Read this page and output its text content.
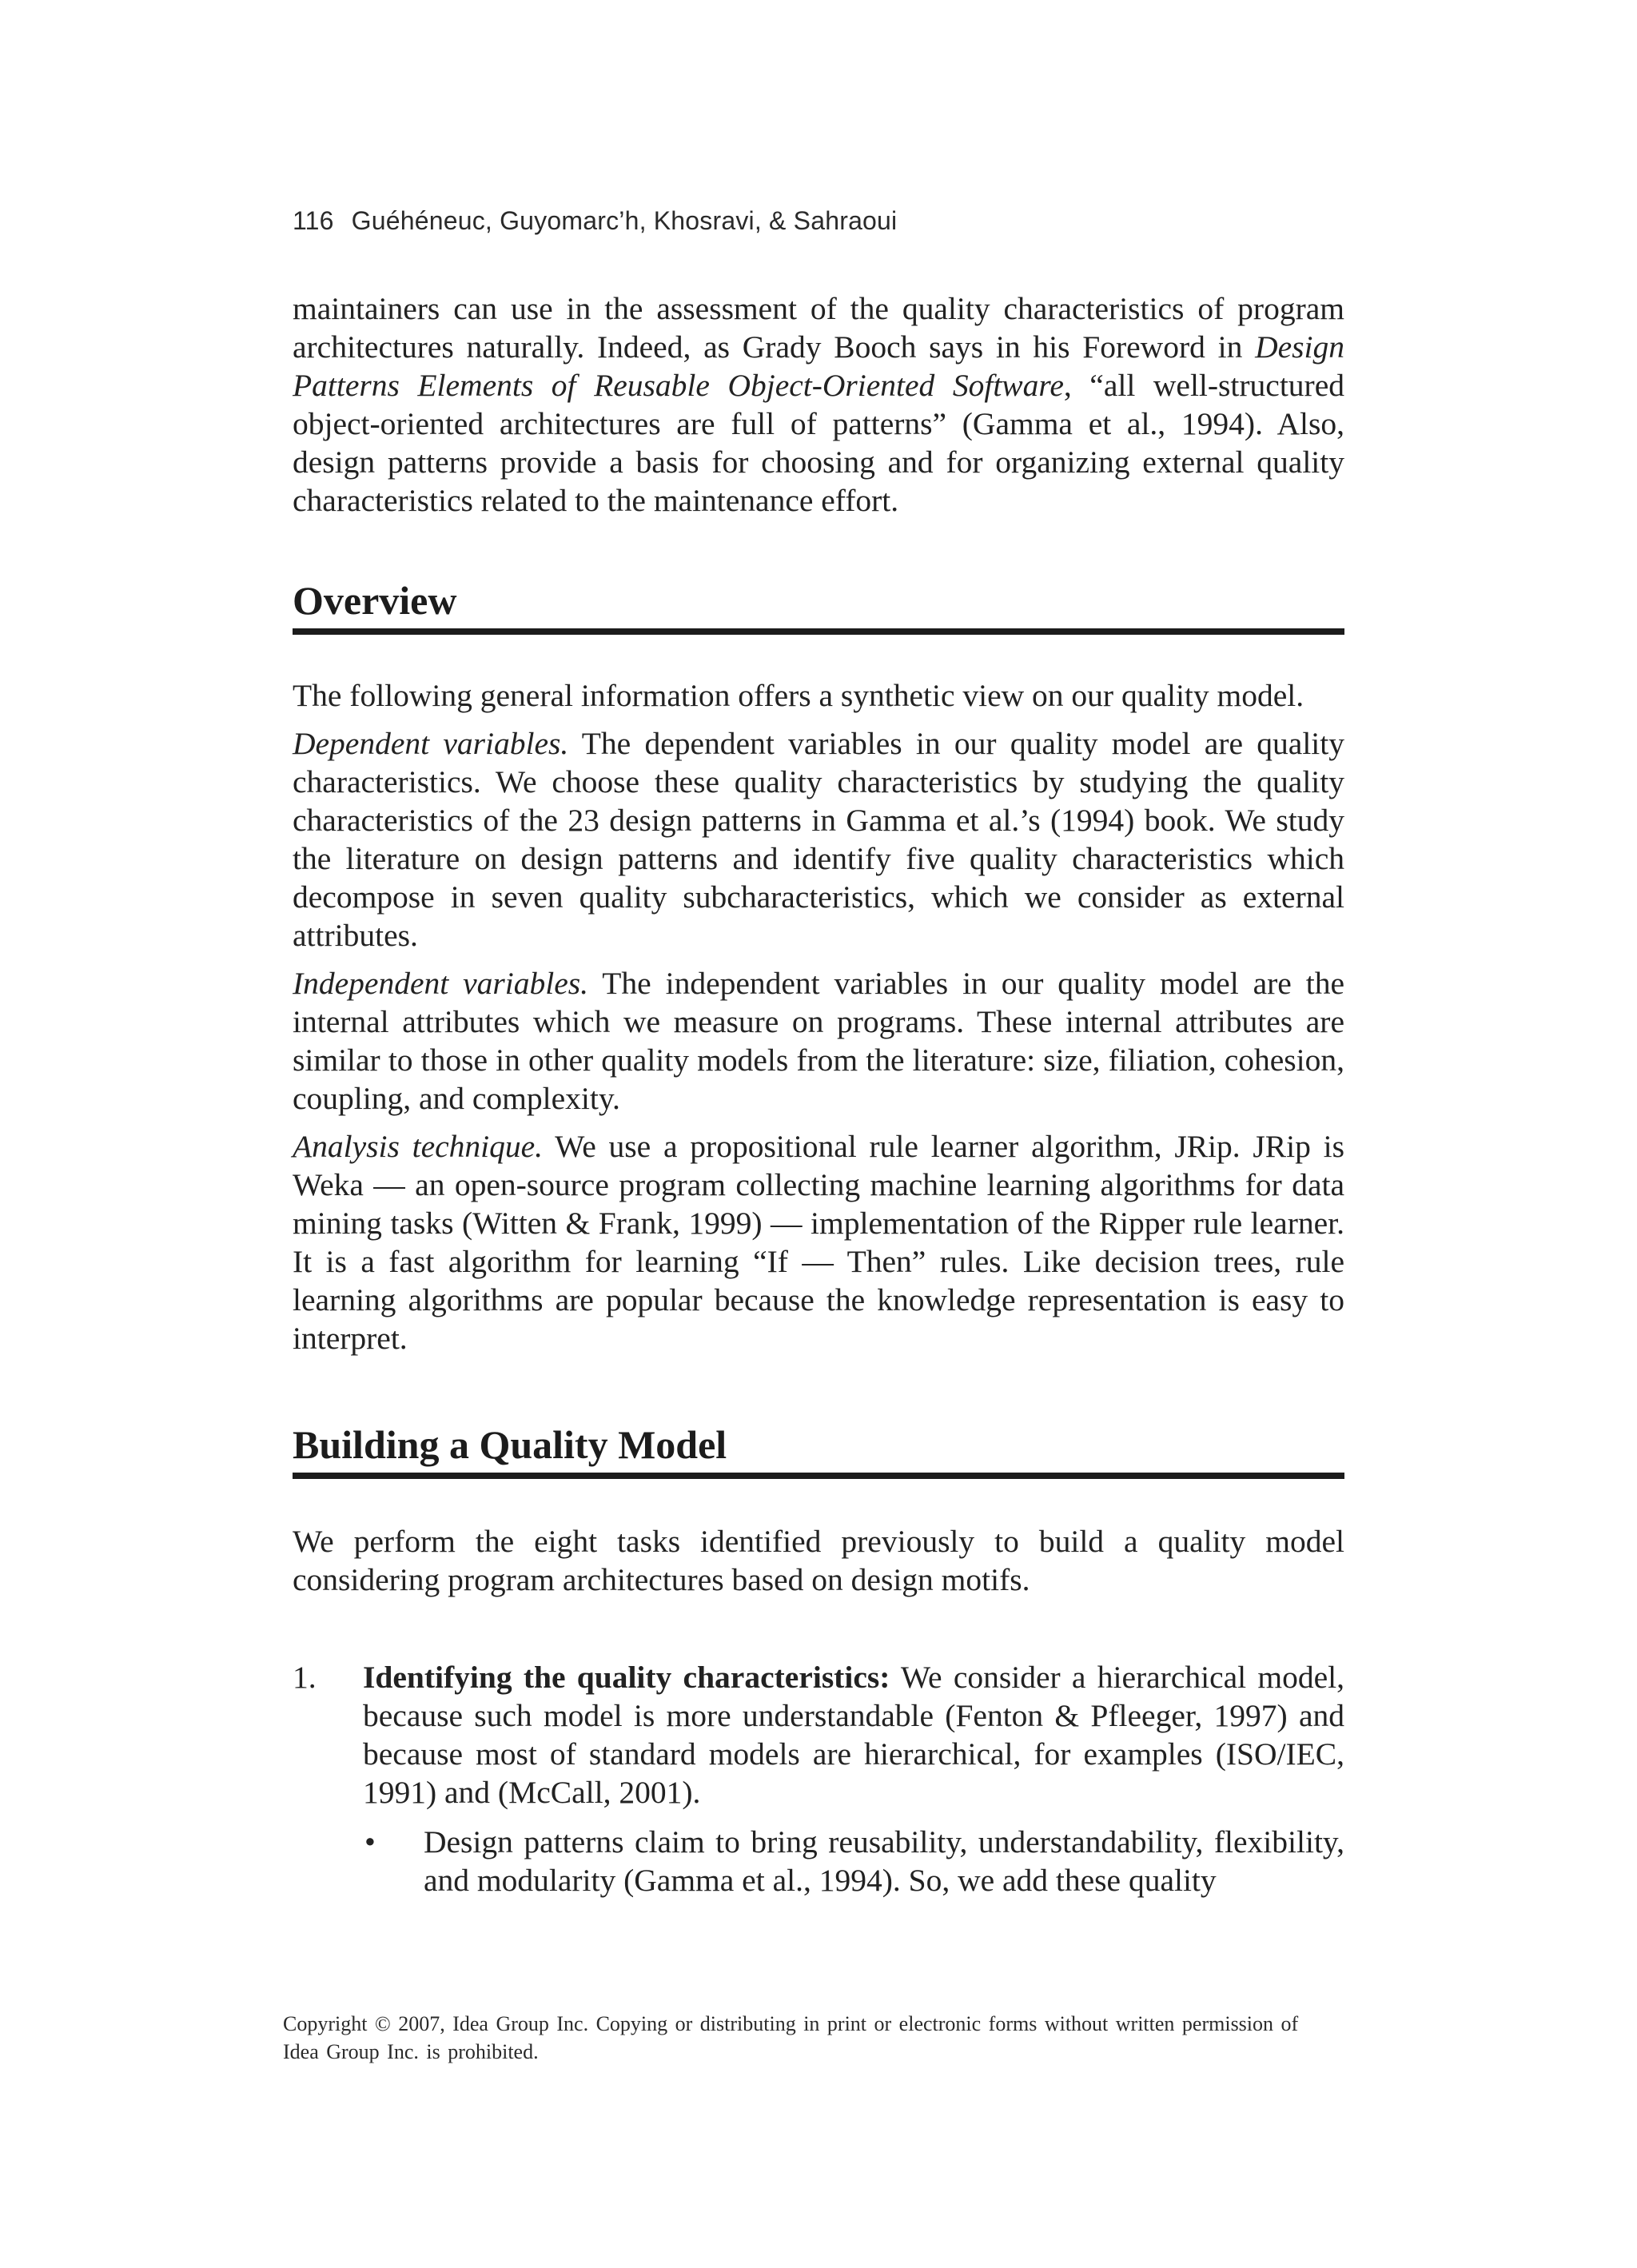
116 Guéhéneuc, Guyomarc’h, Khosravi, & Sahraoui

maintainers can use in the assessment of the quality characteristics of program architectures naturally. Indeed, as Grady Booch says in his Foreword in Design Patterns Elements of Reusable Object-Oriented Software, “all well-structured object-oriented architectures are full of patterns” (Gamma et al., 1994). Also, design patterns provide a basis for choosing and for organizing external quality characteristics related to the maintenance effort.

Overview

The following general information offers a synthetic view on our quality model.

Dependent variables. The dependent variables in our quality model are quality characteristics. We choose these quality characteristics by studying the quality characteristics of the 23 design patterns in Gamma et al.’s (1994) book. We study the literature on design patterns and identify five quality characteristics which decompose in seven quality subcharacteristics, which we consider as external attributes.

Independent variables. The independent variables in our quality model are the internal attributes which we measure on programs. These internal attributes are similar to those in other quality models from the literature: size, filiation, cohesion, coupling, and complexity.

Analysis technique. We use a propositional rule learner algorithm, JRip. JRip is Weka — an open-source program collecting machine learning algorithms for data mining tasks (Witten & Frank, 1999) — implementation of the Ripper rule learner. It is a fast algorithm for learning “If — Then” rules. Like decision trees, rule learning algorithms are popular because the knowledge representation is easy to interpret.

Building a Quality Model

We perform the eight tasks identified previously to build a quality model considering program architectures based on design motifs.

1. Identifying the quality characteristics: We consider a hierarchical model, because such model is more understandable (Fenton & Pfleeger, 1997) and because most of standard models are hierarchical, for examples (ISO/IEC, 1991) and (McCall, 2001).
• Design patterns claim to bring reusability, understandability, flexibility, and modularity (Gamma et al., 1994). So, we add these quality
Copyright © 2007, Idea Group Inc. Copying or distributing in print or electronic forms without written permission of Idea Group Inc. is prohibited.
